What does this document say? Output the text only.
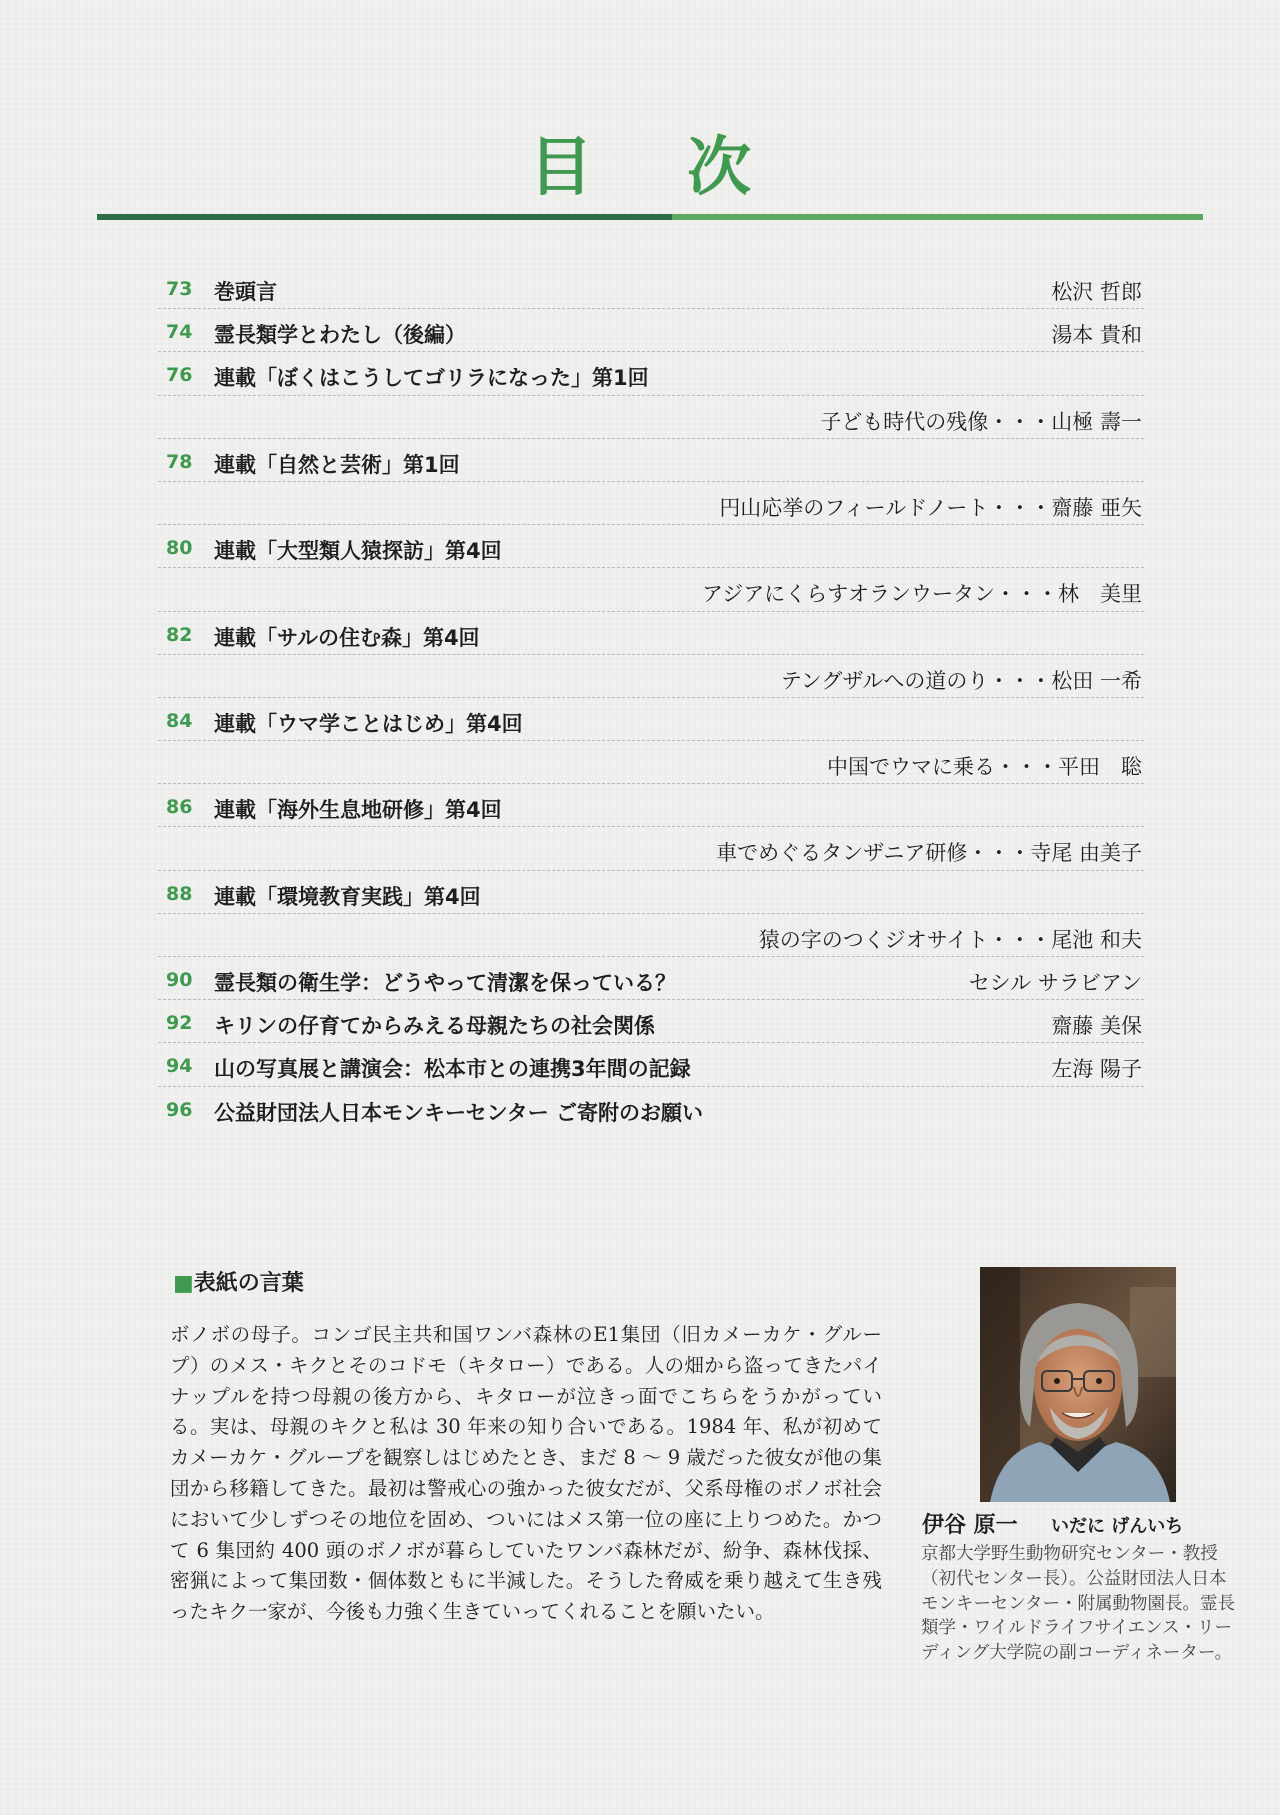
目 次
73	巻頭言	松沢 哲郎
74	霊長類学とわたし（後編）	湯本 貴和
76	連載「ぼくはこうしてゴリラになった」第1回
子ども時代の残像・・・山極 壽一
78	連載「自然と芸術」第1回
円山応挙のフィールドノート・・・齋藤 亜矢
80	連載「大型類人猿探訪」第4回
アジアにくらすオランウータン・・・林　美里
82	連載「サルの住む森」第4回
テングザルへの道のり・・・松田 一希
84	連載「ウマ学ことはじめ」第4回
中国でウマに乗る・・・平田　聡
86	連載「海外生息地研修」第4回
車でめぐるタンザニア研修・・・寺尾 由美子
88	連載「環境教育実践」第4回
猿の字のつくジオサイト・・・尾池 和夫
90	霊長類の衛生学：どうやって清潔を保っている？	セシル サラビアン
92	キリンの仔育てからみえる母親たちの社会関係	齋藤 美保
94	山の写真展と講演会：松本市との連携3年間の記録	左海 陽子
96	公益財団法人日本モンキーセンター ご寄附のお願い
■表紙の言葉
ボノボの母子。コンゴ民主共和国ワンバ森林のE1集団（旧カメーカケ・グループ）のメス・キクとそのコドモ（キタロー）である。人の畑から盗ってきたパイナップルを持つ母親の後方から、キタローが泣きっ面でこちらをうかがっている。実は、母親のキクと私は 30 年来の知り合いである。1984 年、私が初めてカメーカケ・グループを観察しはじめたとき、まだ 8 ～ 9 歳だった彼女が他の集団から移籍してきた。最初は警戒心の強かった彼女だが、父系母権のボノボ社会において少しずつその地位を固め、ついにはメス第一位の座に上りつめた。かつて 6 集団約 400 頭のボノボが暮らしていたワンバ森林だが、紛争、森林伐採、密猟によって集団数・個体数ともに半減した。そうした脅威を乗り越えて生き残ったキク一家が、今後も力強く生きていってくれることを願いたい。
伊谷 原一 いだに げんいち
京都大学野生動物研究センター・教授（初代センター長）。公益財団法人日本モンキーセンター・附属動物園長。霊長類学・ワイルドライフサイエンス・リーディング大学院の副コーディネーター。
